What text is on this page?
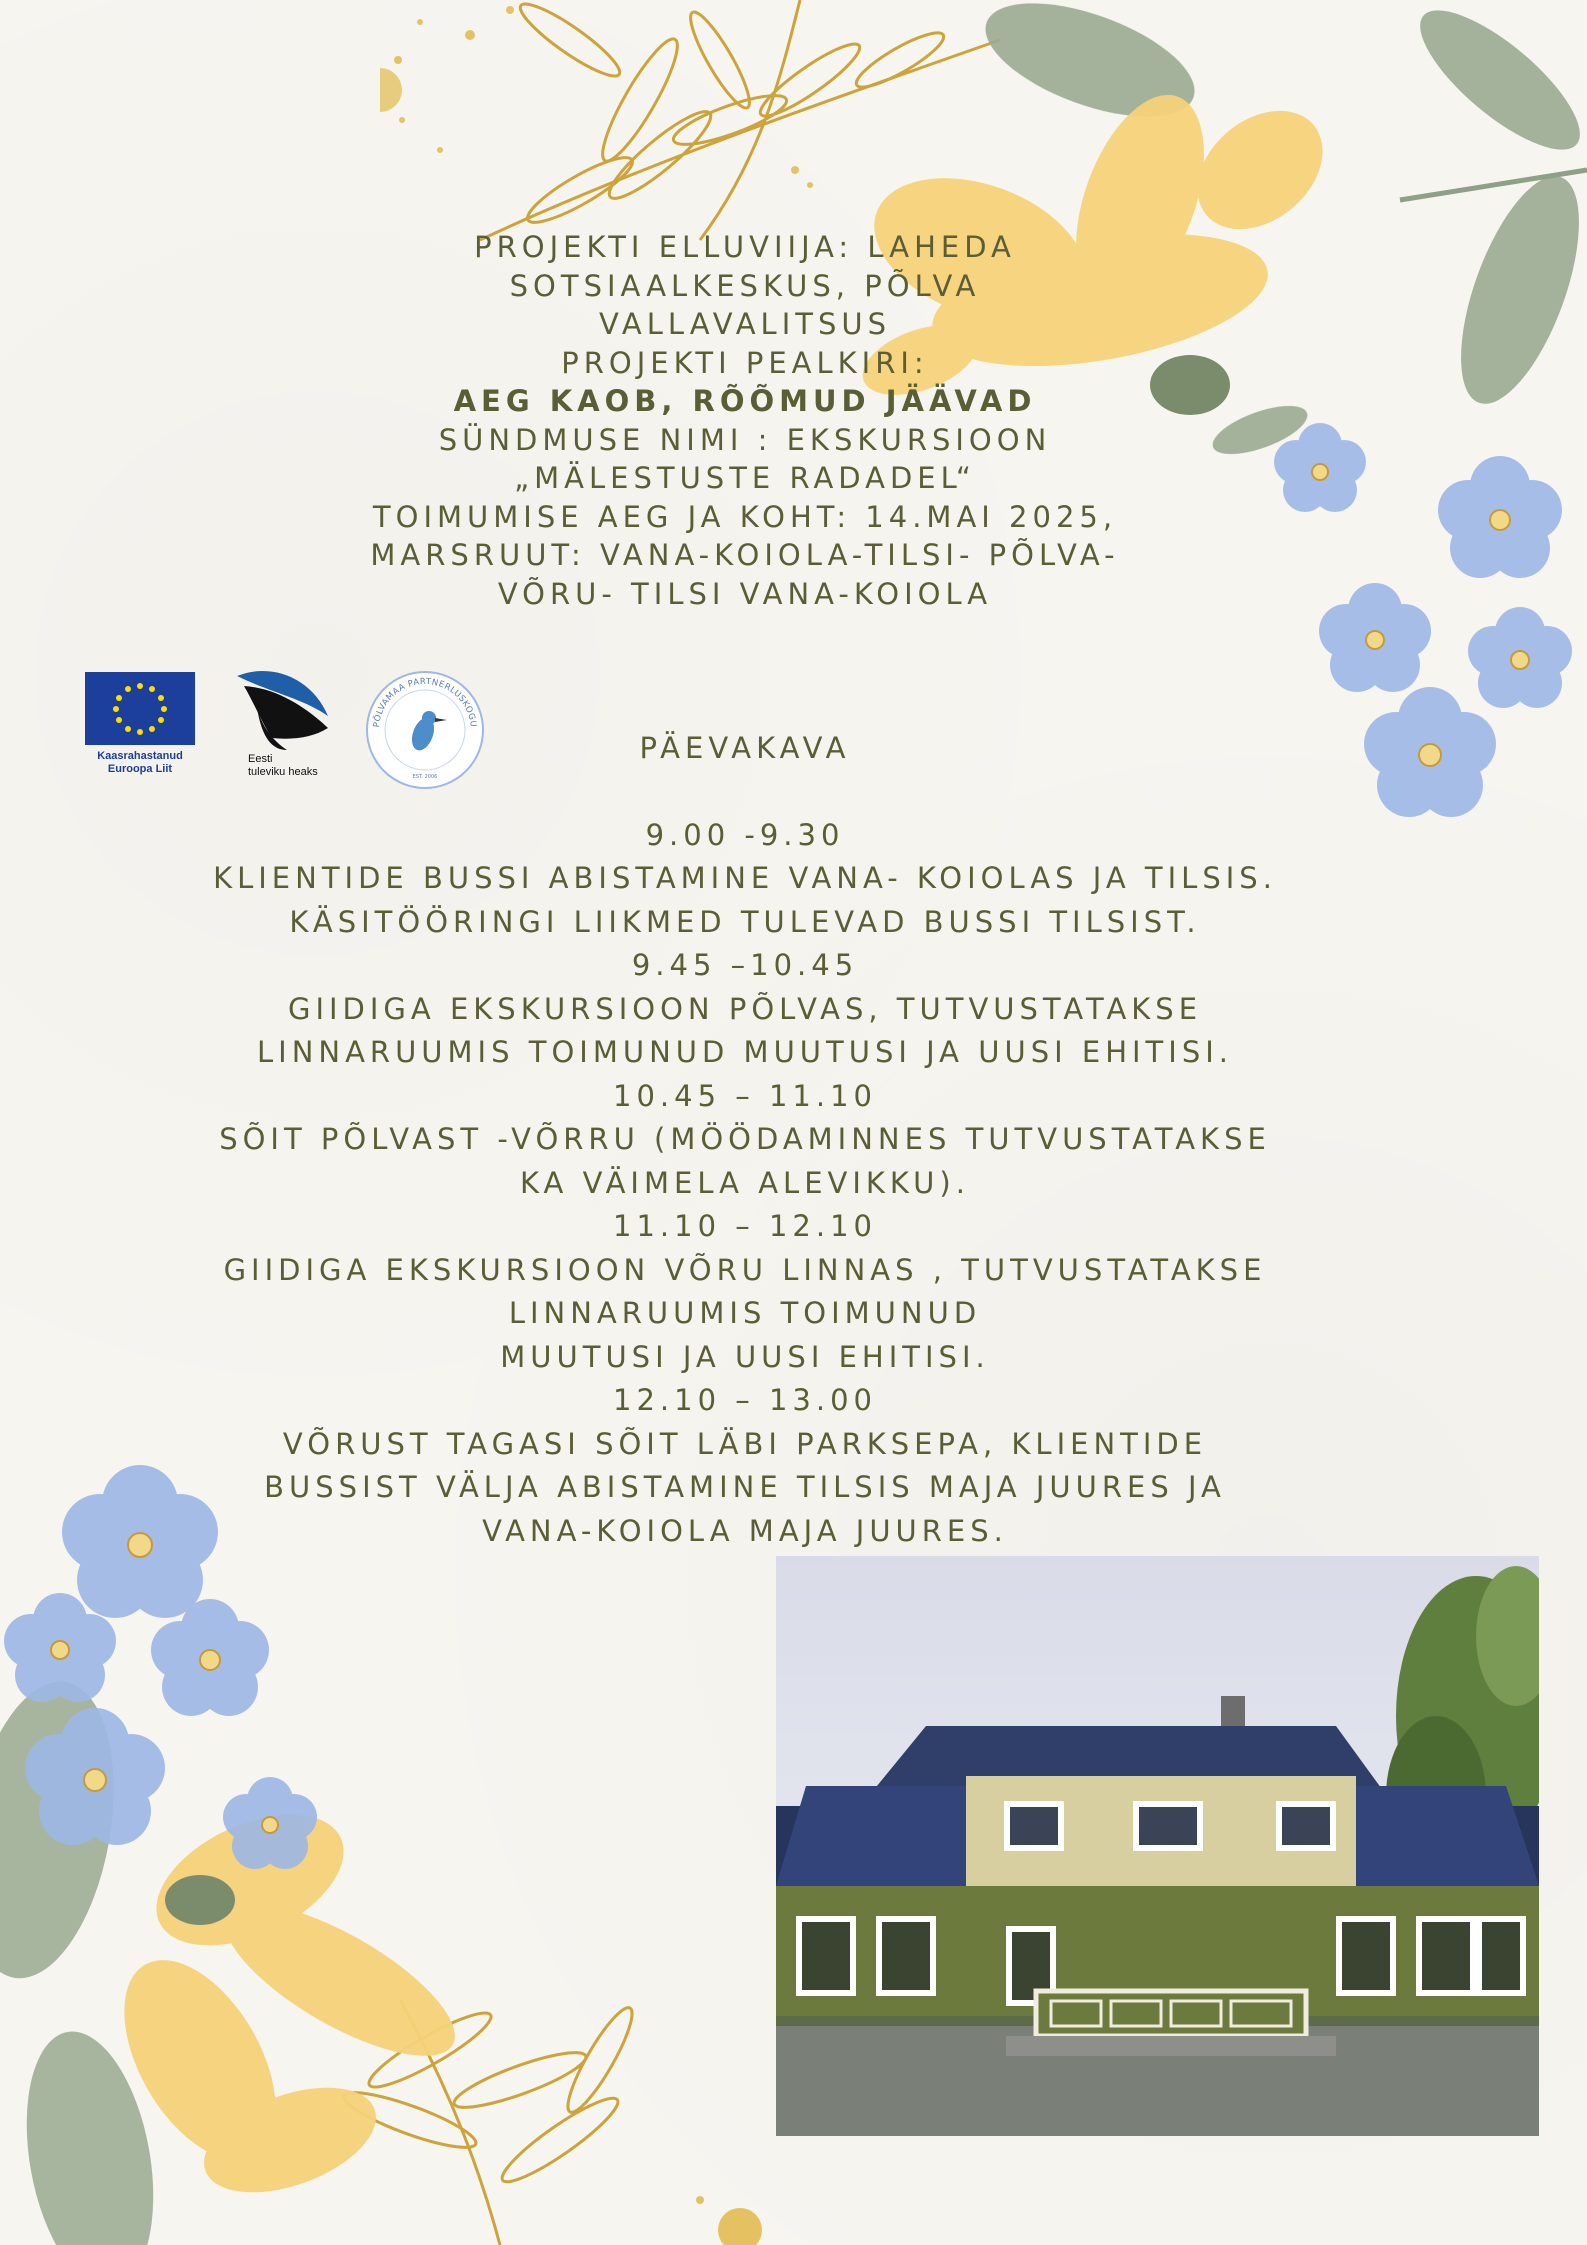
PROJEKTI ELLUVIIJA: LAHEDA
SOTSIAALKESKUS, PÕLVA
VALLAVALITSUS
PROJEKTI PEALKIRI:
AEG KAOB, RÕÕMUD JÄÄVAD
SÜNDMUSE NIMI : EKSKURSIOON
„MÄLESTUSTE RADADEL“
TOIMUMISE AEG JA KOHT: 14.MAI 2025,
MARSRUUT: VANA-KOIOLA-TILSI- PÕLVA-
VÕRU- TILSI VANA-KOIOLA
Kaasrahastanud
Euroopa Liit
Eesti
tuleviku heaks
PÕLVAMAA PARTNERLUSKOGU
EST. 2006
PÄEVAKAVA
9.00 -9.30
KLIENTIDE BUSSI ABISTAMINE VANA- KOIOLAS JA TILSIS.
KÄSITÖÖRINGI LIIKMED TULEVAD BUSSI TILSIST.
9.45 –10.45
GIIDIGA EKSKURSIOON PÕLVAS, TUTVUSTATAKSE
LINNARUUMIS TOIMUNUD MUUTUSI JA UUSI EHITISI.
10.45 – 11.10
SÕIT PÕLVAST -VÕRRU (MÖÖDAMINNES TUTVUSTATAKSE
KA VÄIMELA ALEVIKKU).
11.10 – 12.10
GIIDIGA EKSKURSIOON VÕRU LINNAS , TUTVUSTATAKSE
LINNARUUMIS TOIMUNUD
MUUTUSI JA UUSI EHITISI.
12.10 – 13.00
VÕRUST TAGASI SÕIT LÄBI PARKSEPA, KLIENTIDE
BUSSIST VÄLJA ABISTAMINE TILSIS MAJA JUURES JA
VANA-KOIOLA MAJA JUURES.
